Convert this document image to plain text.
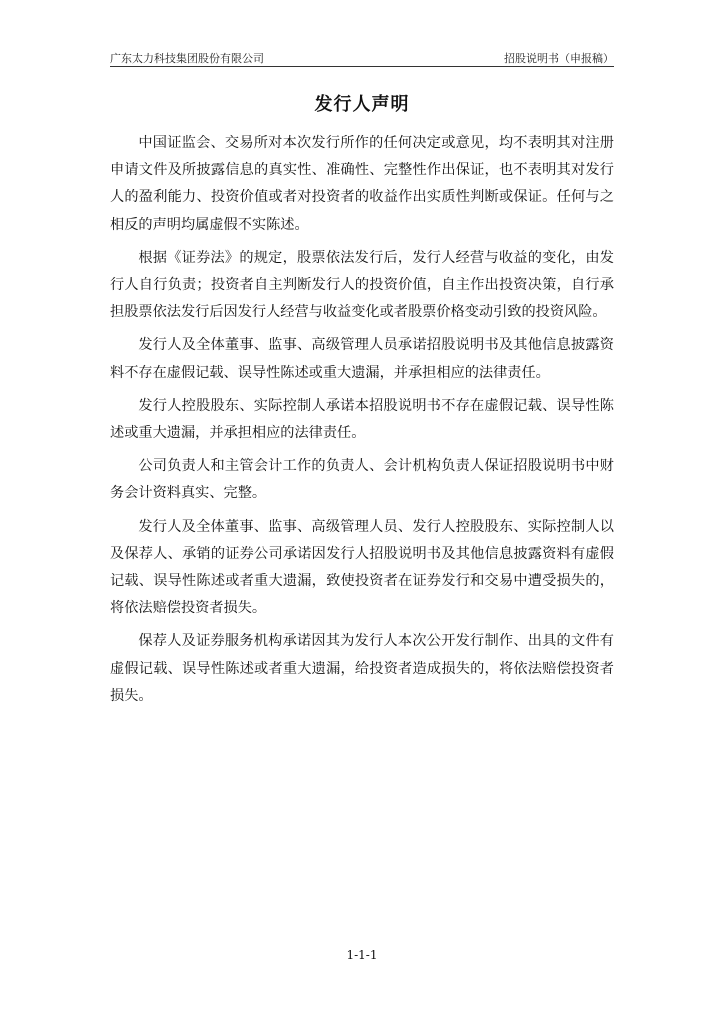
广东太力科技集团股份有限公司	招股说明书（申报稿）
发行人声明

中国证监会、交易所对本次发行所作的任何决定或意见，均不表明其对注册申请文件及所披露信息的真实性、准确性、完整性作出保证，也不表明其对发行人的盈利能力、投资价值或者对投资者的收益作出实质性判断或保证。任何与之相反的声明均属虚假不实陈述。

根据《证券法》的规定，股票依法发行后，发行人经营与收益的变化，由发行人自行负责；投资者自主判断发行人的投资价值，自主作出投资决策，自行承担股票依法发行后因发行人经营与收益变化或者股票价格变动引致的投资风险。

发行人及全体董事、监事、高级管理人员承诺招股说明书及其他信息披露资料不存在虚假记载、误导性陈述或重大遗漏，并承担相应的法律责任。

发行人控股股东、实际控制人承诺本招股说明书不存在虚假记载、误导性陈述或重大遗漏，并承担相应的法律责任。

公司负责人和主管会计工作的负责人、会计机构负责人保证招股说明书中财务会计资料真实、完整。

发行人及全体董事、监事、高级管理人员、发行人控股股东、实际控制人以及保荐人、承销的证券公司承诺因发行人招股说明书及其他信息披露资料有虚假记载、误导性陈述或者重大遗漏，致使投资者在证券发行和交易中遭受损失的，将依法赔偿投资者损失。

保荐人及证券服务机构承诺因其为发行人本次公开发行制作、出具的文件有虚假记载、误导性陈述或者重大遗漏，给投资者造成损失的，将依法赔偿投资者损失。

1-1-1
